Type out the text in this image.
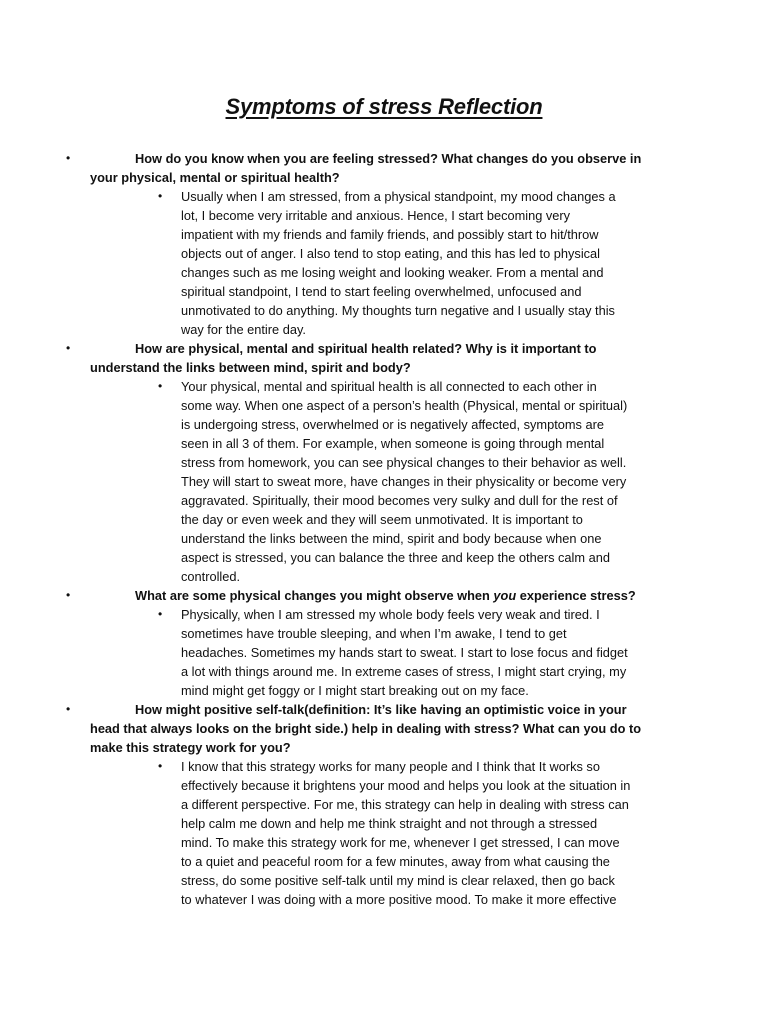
Symptoms of stress Reflection
•	How do you know when you are feeling stressed? What changes do you observe in
your physical, mental or spiritual health?
• Usually when I am stressed, from a physical standpoint, my mood changes a
lot, I become very irritable and anxious. Hence, I start becoming very
impatient with my friends and family friends, and possibly start to hit/throw
objects out of anger. I also tend to stop eating, and this has led to physical
changes such as me losing weight and looking weaker. From a mental and
spiritual standpoint, I tend to start feeling overwhelmed, unfocused and
unmotivated to do anything. My thoughts turn negative and I usually stay this
way for the entire day.
•	How are physical, mental and spiritual health related? Why is it important to
understand the links between mind, spirit and body?
• Your physical, mental and spiritual health is all connected to each other in
some way. When one aspect of a person’s health (Physical, mental or spiritual)
is undergoing stress, overwhelmed or is negatively affected, symptoms are
seen in all 3 of them. For example, when someone is going through mental
stress from homework, you can see physical changes to their behavior as well.
They will start to sweat more, have changes in their physicality or become very
aggravated. Spiritually, their mood becomes very sulky and dull for the rest of
the day or even week and they will seem unmotivated. It is important to
understand the links between the mind, spirit and body because when one
aspect is stressed, you can balance the three and keep the others calm and
controlled.
•	What are some physical changes you might observe when you experience stress?
• Physically, when I am stressed my whole body feels very weak and tired. I
sometimes have trouble sleeping, and when I’m awake, I tend to get
headaches. Sometimes my hands start to sweat. I start to lose focus and fidget
a lot with things around me. In extreme cases of stress, I might start crying, my
mind might get foggy or I might start breaking out on my face.
•	How might positive self-talk(definition: It’s like having an optimistic voice in your
head that always looks on the bright side.) help in dealing with stress? What can you do to
make this strategy work for you?
• I know that this strategy works for many people and I think that It works so
effectively because it brightens your mood and helps you look at the situation in
a different perspective. For me, this strategy can help in dealing with stress can
help calm me down and help me think straight and not through a stressed
mind. To make this strategy work for me, whenever I get stressed, I can move
to a quiet and peaceful room for a few minutes, away from what causing the
stress, do some positive self-talk until my mind is clear relaxed, then go back
to whatever I was doing with a more positive mood. To make it more effective
